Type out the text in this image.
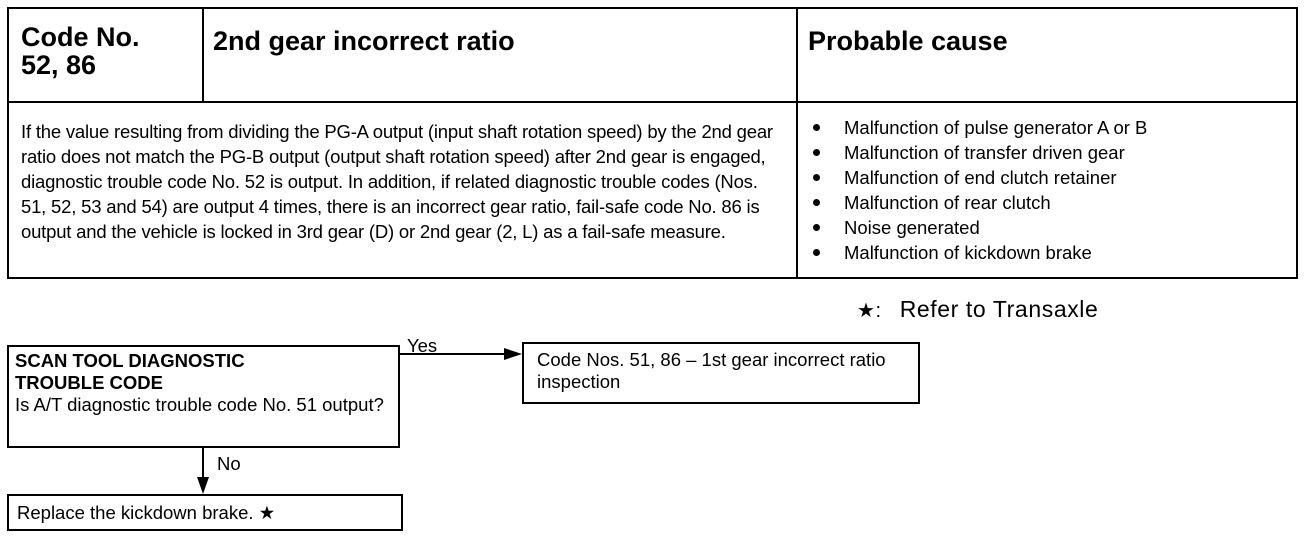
Code No.
52, 86
2nd gear incorrect ratio	Probable cause
If the value resulting from dividing the PG-A output (input shaft rotation speed) by the 2nd gear ratio does not match the PG-B output (output shaft rotation speed) after 2nd gear is engaged, diagnostic trouble code No. 52 is output. In addition, if related diagnostic trouble codes (Nos. 51, 52, 53 and 54) are output 4 times, there is an incorrect gear ratio, fail-safe code No. 86 is output and the vehicle is locked in 3rd gear (D) or 2nd gear (2, L) as a fail-safe measure.
Malfunction of pulse generator A or B
Malfunction of transfer driven gear
Malfunction of end clutch retainer
Malfunction of rear clutch
Noise generated
Malfunction of kickdown brake
★: Refer to Transaxle
SCAN TOOL DIAGNOSTIC
TROUBLE CODE
Is A/T diagnostic trouble code No. 51 output?
Code Nos. 51, 86 – 1st gear incorrect ratio inspection
Replace the kickdown brake. ★
Yes
No
